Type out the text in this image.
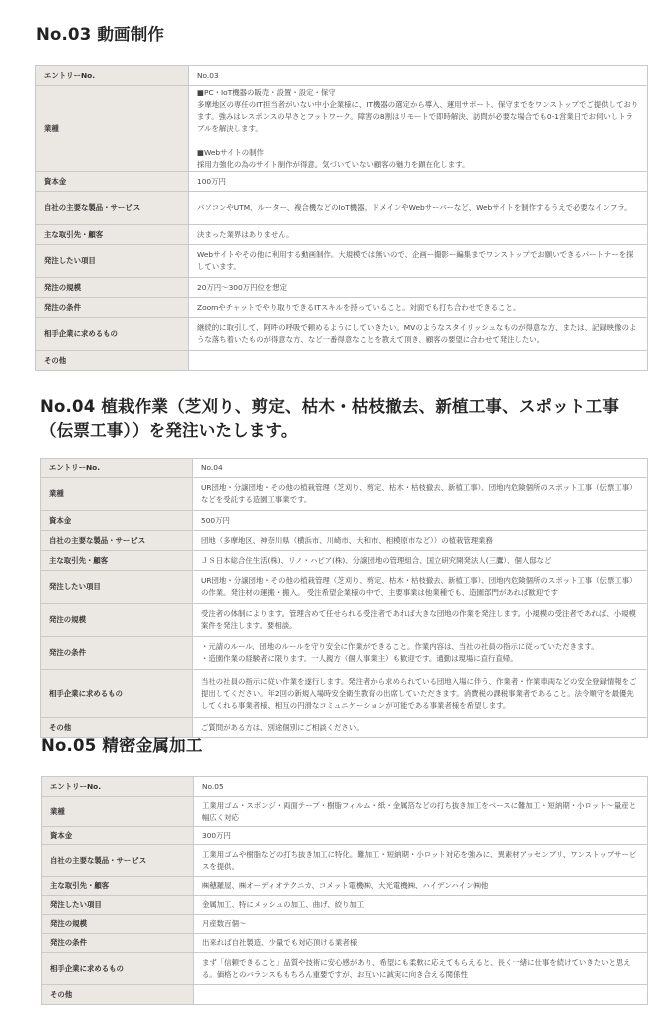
No.03 動画制作
エントリーNo.	No.03
業種	■PC・IoT機器の販売・設置・設定・保守
多摩地区の専任のIT担当者がいない中小企業様に、IT機器の選定から導入、運用サポート、保守までをワンストップでご提供しております。強みはレスポンスの早さとフットワーク。障害の8割はリモートで即時解決、訪問が必要な場合でも0-1営業日でお伺いしトラブルを解決します。

■Webサイトの制作
採用力強化の為のサイト制作が得意。気づいていない顧客の魅力を顕在化します。
資本金	100万円
自社の主要な製品・サービス	パソコンやUTM、ルーター、複合機などのIoT機器。ドメインやWebサーバーなど、Webサイトを制作するうえで必要なインフラ。
主な取引先・顧客	決まった業界はありません。
発注したい項目	Webサイトやその他に利用する動画制作。大規模では無いので、企画ー撮影ー編集までワンストップでお願いできるパートナーを探しています。
発注の規模	20万円〜300万円位を想定
発注の条件	Zoomやチャットでやり取りできるITスキルを持っていること。対面でも打ち合わせできること。
相手企業に求めるもの	継続的に取引して、阿吽の呼吸で頼めるようにしていきたい。MVのようなスタイリッシュなものが得意な方、または、記録映像のような落ち着いたものが得意な方、など一番得意なことを教えて頂き、顧客の要望に合わせて発注したい。
その他	
No.04 植栽作業（芝刈り、剪定、枯木・枯枝撤去、新植工事、スポット工事
（伝票工事））を発注いたします。
エントリーNo.	No.04
業種	UR団地・分譲団地・その他の植栽管理（芝刈り、剪定、枯木・枯枝撤去、新植工事）、団地内危険個所のスポット工事（伝票工事）などを受託する造園工事業です。
資本金	500万円
自社の主要な製品・サービス	団地（多摩地区、神奈川県（横浜市、川崎市、大和市、相模原市など））の植栽管理業務
主な取引先・顧客	ＪＳ日本総合住生活(株)、リノ・ハピア(株)、分譲団地の管理組合、国立研究開発法人(三鷹）、個人邸など
発注したい項目	UR団地・分譲団地・その他の植栽管理（芝刈り、剪定、枯木・枯枝撤去、新植工事）、団地内危険個所のスポット工事（伝票工事）の作業。発注材の運搬・搬入。 受注希望企業様の中で、主要事業は他業種でも、造園部門があれば歓迎です
発注の規模	受注者の体制によります。管理含めて任せられる受注者であれば大きな団地の作業を発注します。小規模の受注者であれば、小規模案件を発注します。要相談。
発注の条件	・元請のルール、団地のルールを守り安全に作業ができること。作業内容は、当社の社員の指示に従っていただきます。
・造園作業の経験者に限ります。一人親方（個人事業主）も歓迎です。通勤は現場に直行直帰。
相手企業に求めるもの	当社の社員の指示に従い作業を遂行します。発注者から求められている団地入場に伴う、作業者・作業車両などの安全登録情報をご提出してください。年2回の新規入場時安全衛生教育の出席していただきます。消費税の課税事業者であること。法令順守を最優先してくれる事業者様、相互の円滑なコミュニケーションが可能である事業者様を希望します。
その他	ご質問がある方は、別途個別にご相談ください。
No.05 精密金属加工
エントリーNo.	No.05
業種	工業用ゴム・スポンジ・両面テープ・樹脂フィルム・紙・金属箔などの打ち抜き加工をベースに難加工・短納期・小ロット〜量産と幅広く対応
資本金	300万円
自社の主要な製品・サービス	工業用ゴムや樹脂などの打ち抜き加工に特化。難加工・短納期・小ロット対応を強みに、異素材アッセンブリ、ワンストップサービスを提供。
主な取引先・顧客	㈱穂羅屋、㈱オーディオテクニカ、コメット電機㈱、大光電機㈱、ハイデンハイン㈱他
発注したい項目	金属加工、特にメッシュの加工、曲げ、絞り加工
発注の規模	月産数百個〜
発注の条件	出来れば自社製造、少量でも対応頂ける業者様
相手企業に求めるもの	まず「信頼できること」品質や技術に安心感があり、希望にも柔軟に応えてもらえると、長く一緒に仕事を続けていきたいと思える。価格とのバランスももちろん重要ですが、お互いに誠実に向き合える関係性
その他	
